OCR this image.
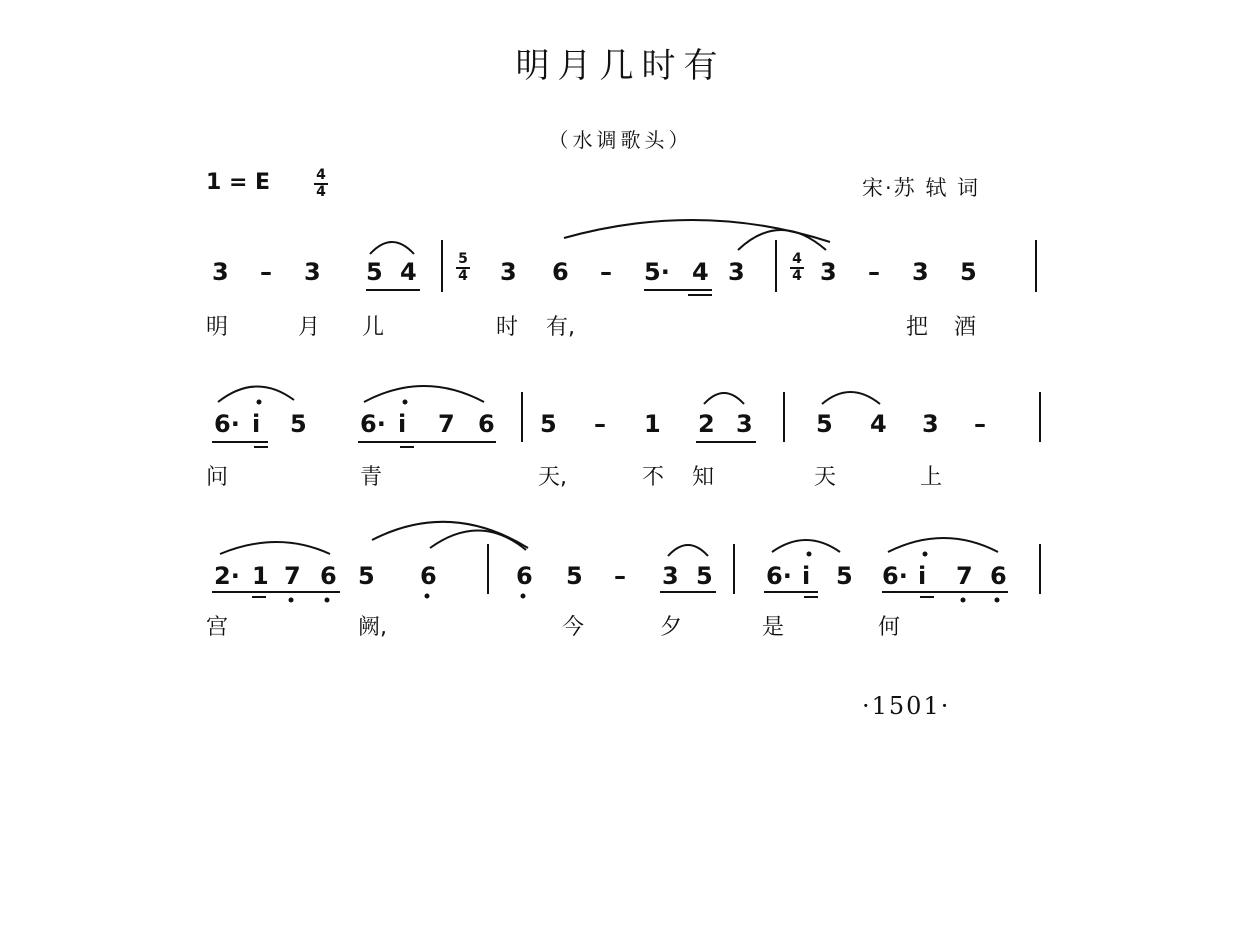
明月几时有
（水调歌头）
1 = E	4
4	宋·苏 轼 词
3 – 3 5 4	3 6 – 5· 4 3	3 – 3 5
5
4
4
4
明	月 儿	时 有,	把 酒
6· i 5 6· i 7 6 5 – 1 2 3	5 4 3 –
问	青	天,	不 知	天	上
2· 1 7 6 5 6	6 5 – 3 5 6· i 5 6· i 7 6
宫	阙,	今	夕	是	何
·1501·
